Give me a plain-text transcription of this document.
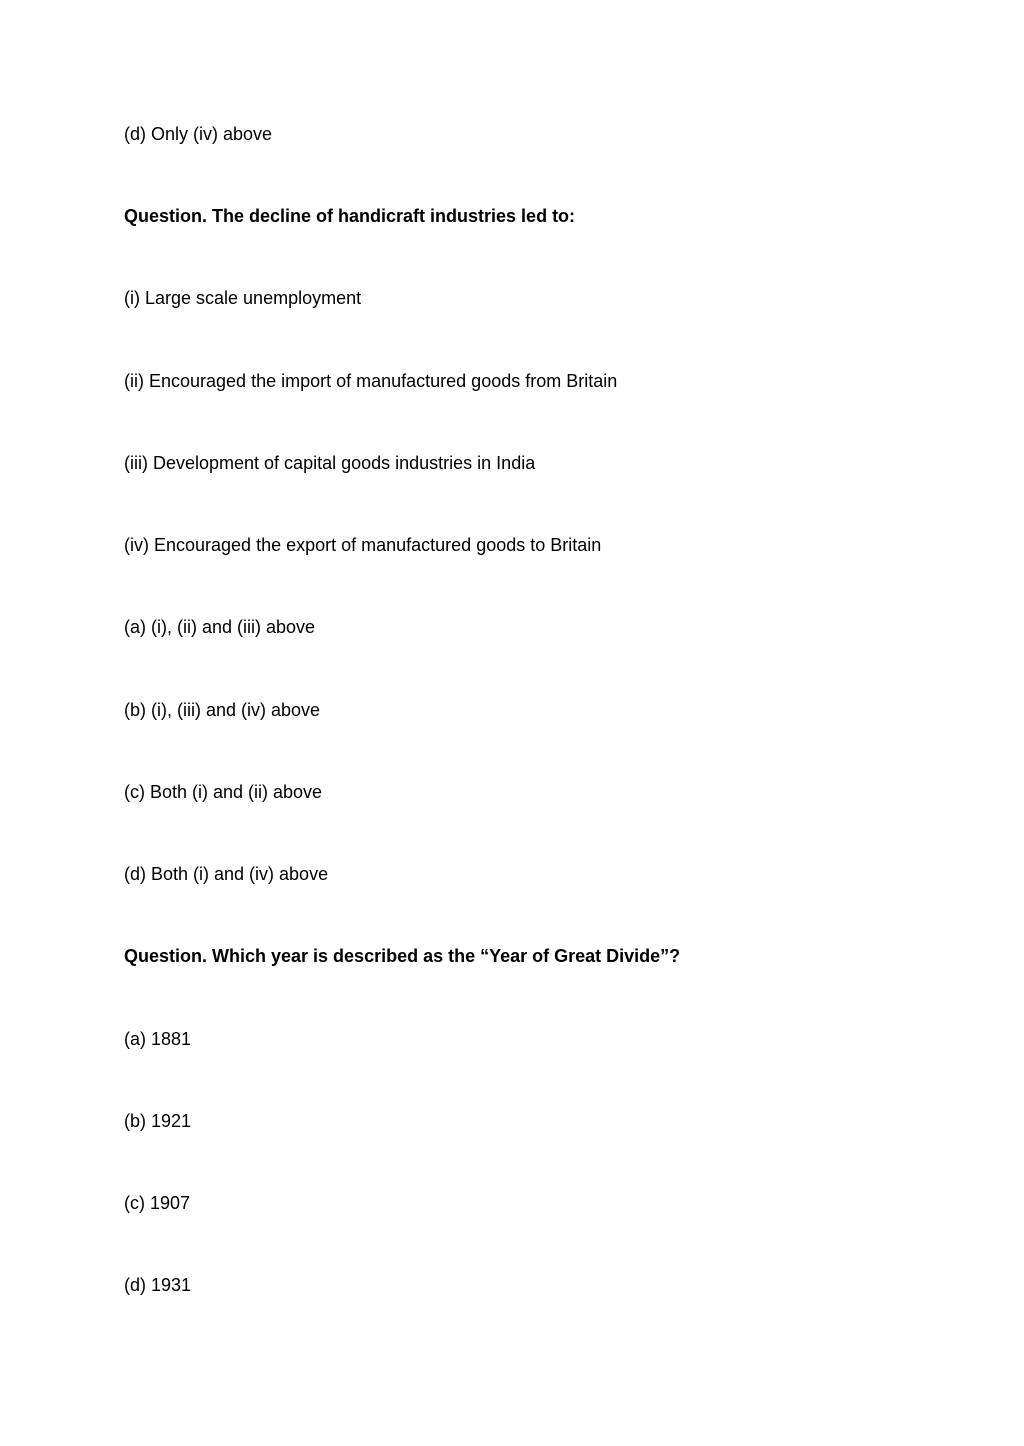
(d) Only (iv) above
Question. The decline of handicraft industries led to:
(i) Large scale unemployment
(ii) Encouraged the import of manufactured goods from Britain
(iii) Development of capital goods industries in India
(iv) Encouraged the export of manufactured goods to Britain
(a) (i), (ii) and (iii) above
(b) (i), (iii) and (iv) above
(c) Both (i) and (ii) above
(d) Both (i) and (iv) above
Question. Which year is described as the “Year of Great Divide”?
(a) 1881
(b) 1921
(c) 1907
(d) 1931
